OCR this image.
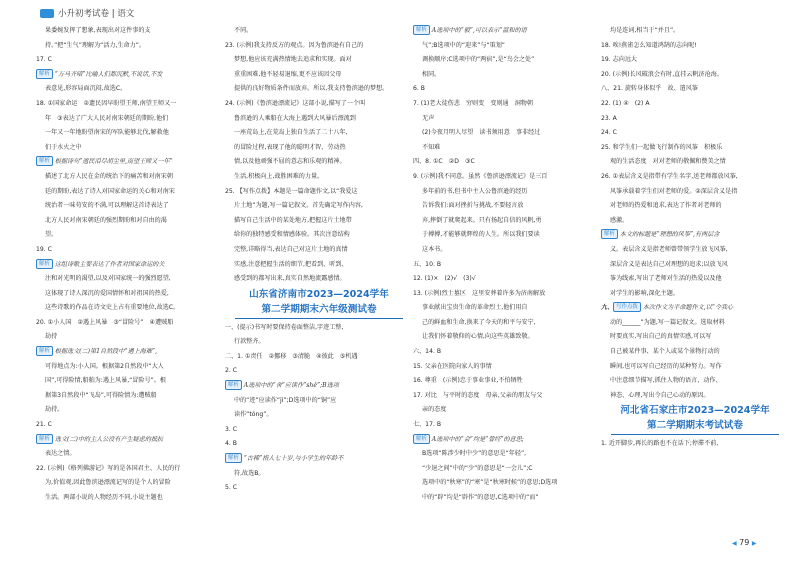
小升初考试卷 | 语文
果委婉发挥了想象,表现出对这件事的支
持。”把“生气”理解为“活力,生命力”。
17. C
解析 “万马齐喑”比喻人们都沉默,不说话,不发
表意见,形容局面沉闷,故选C。
18. ①国家命运　②遗民因早盼望王师,南望王师又一
年　③表达了广大人民对南宋朝廷的期盼,他们
一年又一年地盼望南宋的军队能够北伐,解救他
们于水火之中
解析 根据诗句“遗民泪尽胡尘里,南望王师又一年”
描述了北方人民在金的统治下的痛苦和对南宋朝
廷的期盼,表达了诗人对国家命运的关心和对南宋
统治者一味苟安的不满,可以理解这首诗表达了
北方人民对南宋朝廷的强烈期盼和对自由的渴
望。
19. C
解析 这组诗歌主要表达了作者对国家命运的关
注和对光明的渴望,以及对国家统一的强烈愿望,
这体现了诗人深沉的爱国情怀和对祖国的热爱,
这些诗歌的作品在诗文史上占有重要地位,故选C。
20. ①小人国　②遇上风暴　③“冒险号”　④遭贼船
劫持
解析 根据选文(二)第1自然段中“遇上海难”,
可得地点为:小人国。根据第2自然段中“大人
国”,可得险情,船舶为:遇上风暴,“冒险号”。根
据第3自然段中“飞岛”,可得险情为:遭贼船
劫持。
21. C
解析 选文(二)中的主人公没有产生疑虑的抵抗
表达之情。
22. (示例)《格列佛游记》写的是各国君主、人民的行
为,价值观,因此鲁滨逊漂流记写的是个人的冒险
生活。两部小说的人物经历不同,小说主题也
不同。
23. (示例)我支持反方的观点。因为鲁滨逊有自己的
梦想,他应该充满热情地去追求和实现。面对
重重困难,他不轻易退缩,更不应该因父母
提供的良好物质条件而放弃。所以,我支持鲁滨逊的梦想。
24. (示例)《鲁滨逊漂流记》这部小说,描写了一个叫
鲁滨逊的人乘船在大海上遇到大风暴后漂流到
一座荒岛上,在荒岛上独自生活了二十八年,
的冒险过程,表现了他的聪明才智、劳动热
情,以及他顽强不屈的意志和乐观的精神。
生活,积极向上,战胜困难的力量。
25. 【写作点拨】本题是一篇命题作文,以“我爱这
片土地”为题,写一篇记叙文。首先确定写作内容,
描写自己生活中的某处地方,把握这片土地带
给你的独特感受和情感体验。其次注意结构
完整,详略得当,表达自己对这片土地的真情
实感,注意把握生活的细节,把看到、听到、
感受到的都写出来,真实自然地流露感情。
山东省济南市2023—2024学年
第二学期期末六年级测试卷
一、(提示)书写时要保持卷面整洁,字迹工整,
行款整齐。
二、1. ①责任　②挪移　③清脆　④彼此　⑤机遇
2. C
解析 A选项中的“舍”应读作“shě”;B选项
中的“迹”应读作“jì”;D选项中的“铜”应
读作“tóng”。
3. C
4. B
解析 “古稀”指人七十岁,与小学生的年龄不
符,故选B。
5. C
解析 A选项中的“毅”,可以表示“温和的语
气”;B选项中的“迎来”与“策划”
调换顺序;C选项中的“两宿”,是“鸟会之处”
相同。
6. B
7. (1)老大徒伤悲　穷则变　变则通　洞物朝
无声
(2)今夜月明人尽望　读书须用意　事非经过
不知难
四、8. ①C　②D　③C
9. (示例)我不同意。虽然《鲁滨逊漂流记》是三百
多年前的书,但书中主人公鲁滨逊的经历
告诉我们:面对挫折与挑战,不要轻言放
弃,摔倒了就爬起来。只有扬起自信的风帆,勇
于搏搏,才能够就辉煌的人生。所以我们要读
这本书。
五、10. B
12. (1)×　(2)√　(3)√
13. (示例)烈士墓区　这里安葬着许多为济南解放
事业献出宝贵生命的革命烈士,他们用自
己的鲜血和生命,换来了今天的和平与安宁,
让我们怀着敬仰的心情,向这些英雄致敬。
六、14. B
15. 父亲在医院向家人的事情
16. 尊重　(示例)忠于事业事业,不怕牺牲
17. 对比　与平时的态度　母亲,父亲的朋友与父
亲的态度
七、17. B
解析 A选项中的“会”均是“曾经”的意思;
B选项“陈涉少时中少”的意思是“年轻”,
“少退之间”中的“少”的意思是“一会儿”;C
选项中的“秋寒”的“寒”是“秋寒时候”的意思;D选项
中的“辟”均是“辟作”的意思,C选项中的“而”
均是连词,相当于“并且”。
18. 唉!燕雀怎么知道鸿鹄的志向呢!
19. 志向远大
20. (示例)长风破浪会有时,直挂云帆济沧海。
八、21. 旋转身体似乎　故、遣风筝
22. (1) ④　(2) A
23. A
24. C
25. 和学生们一起做飞行制作的风筝　积极乐
观的生活态度　对对老师的敬佩和赞美之情
26. ①表层含义是指带有学生名字,送老师都放风筝,
风筝承载着学生们对老师的爱。②深层含义是指
对老师的热爱和追求,表达了作者对老师的
感激。
解析 本文的标题是“理想的风筝”,有两层含
义。表层含义是指老师曾带领学生放飞风筝,
深层含义是表达自己对理想的追求;以放飞风
筝为线索,写出了老师对生活的热爱以及他
对学生的影响,深化主题。
九、 写作点拨 本次作文为半命题作文,以“令我心
动的______”为题,写一篇记叙文。选取材料
时要真实,写出自己的真情实感,可以写
自己被某件事、某个人或某个景物打动的
瞬间,也可以写自己经历的某种努力。写作
中注意细节描写,抓住人物的语言、动作、
神态、心理,写出令自己心动的原因。
河北省石家庄市2023—2024学年
第二学期期末考试试卷
1. 近开脚步,再长的路也不在话下;停滞不前,
◀ 79 ▶
